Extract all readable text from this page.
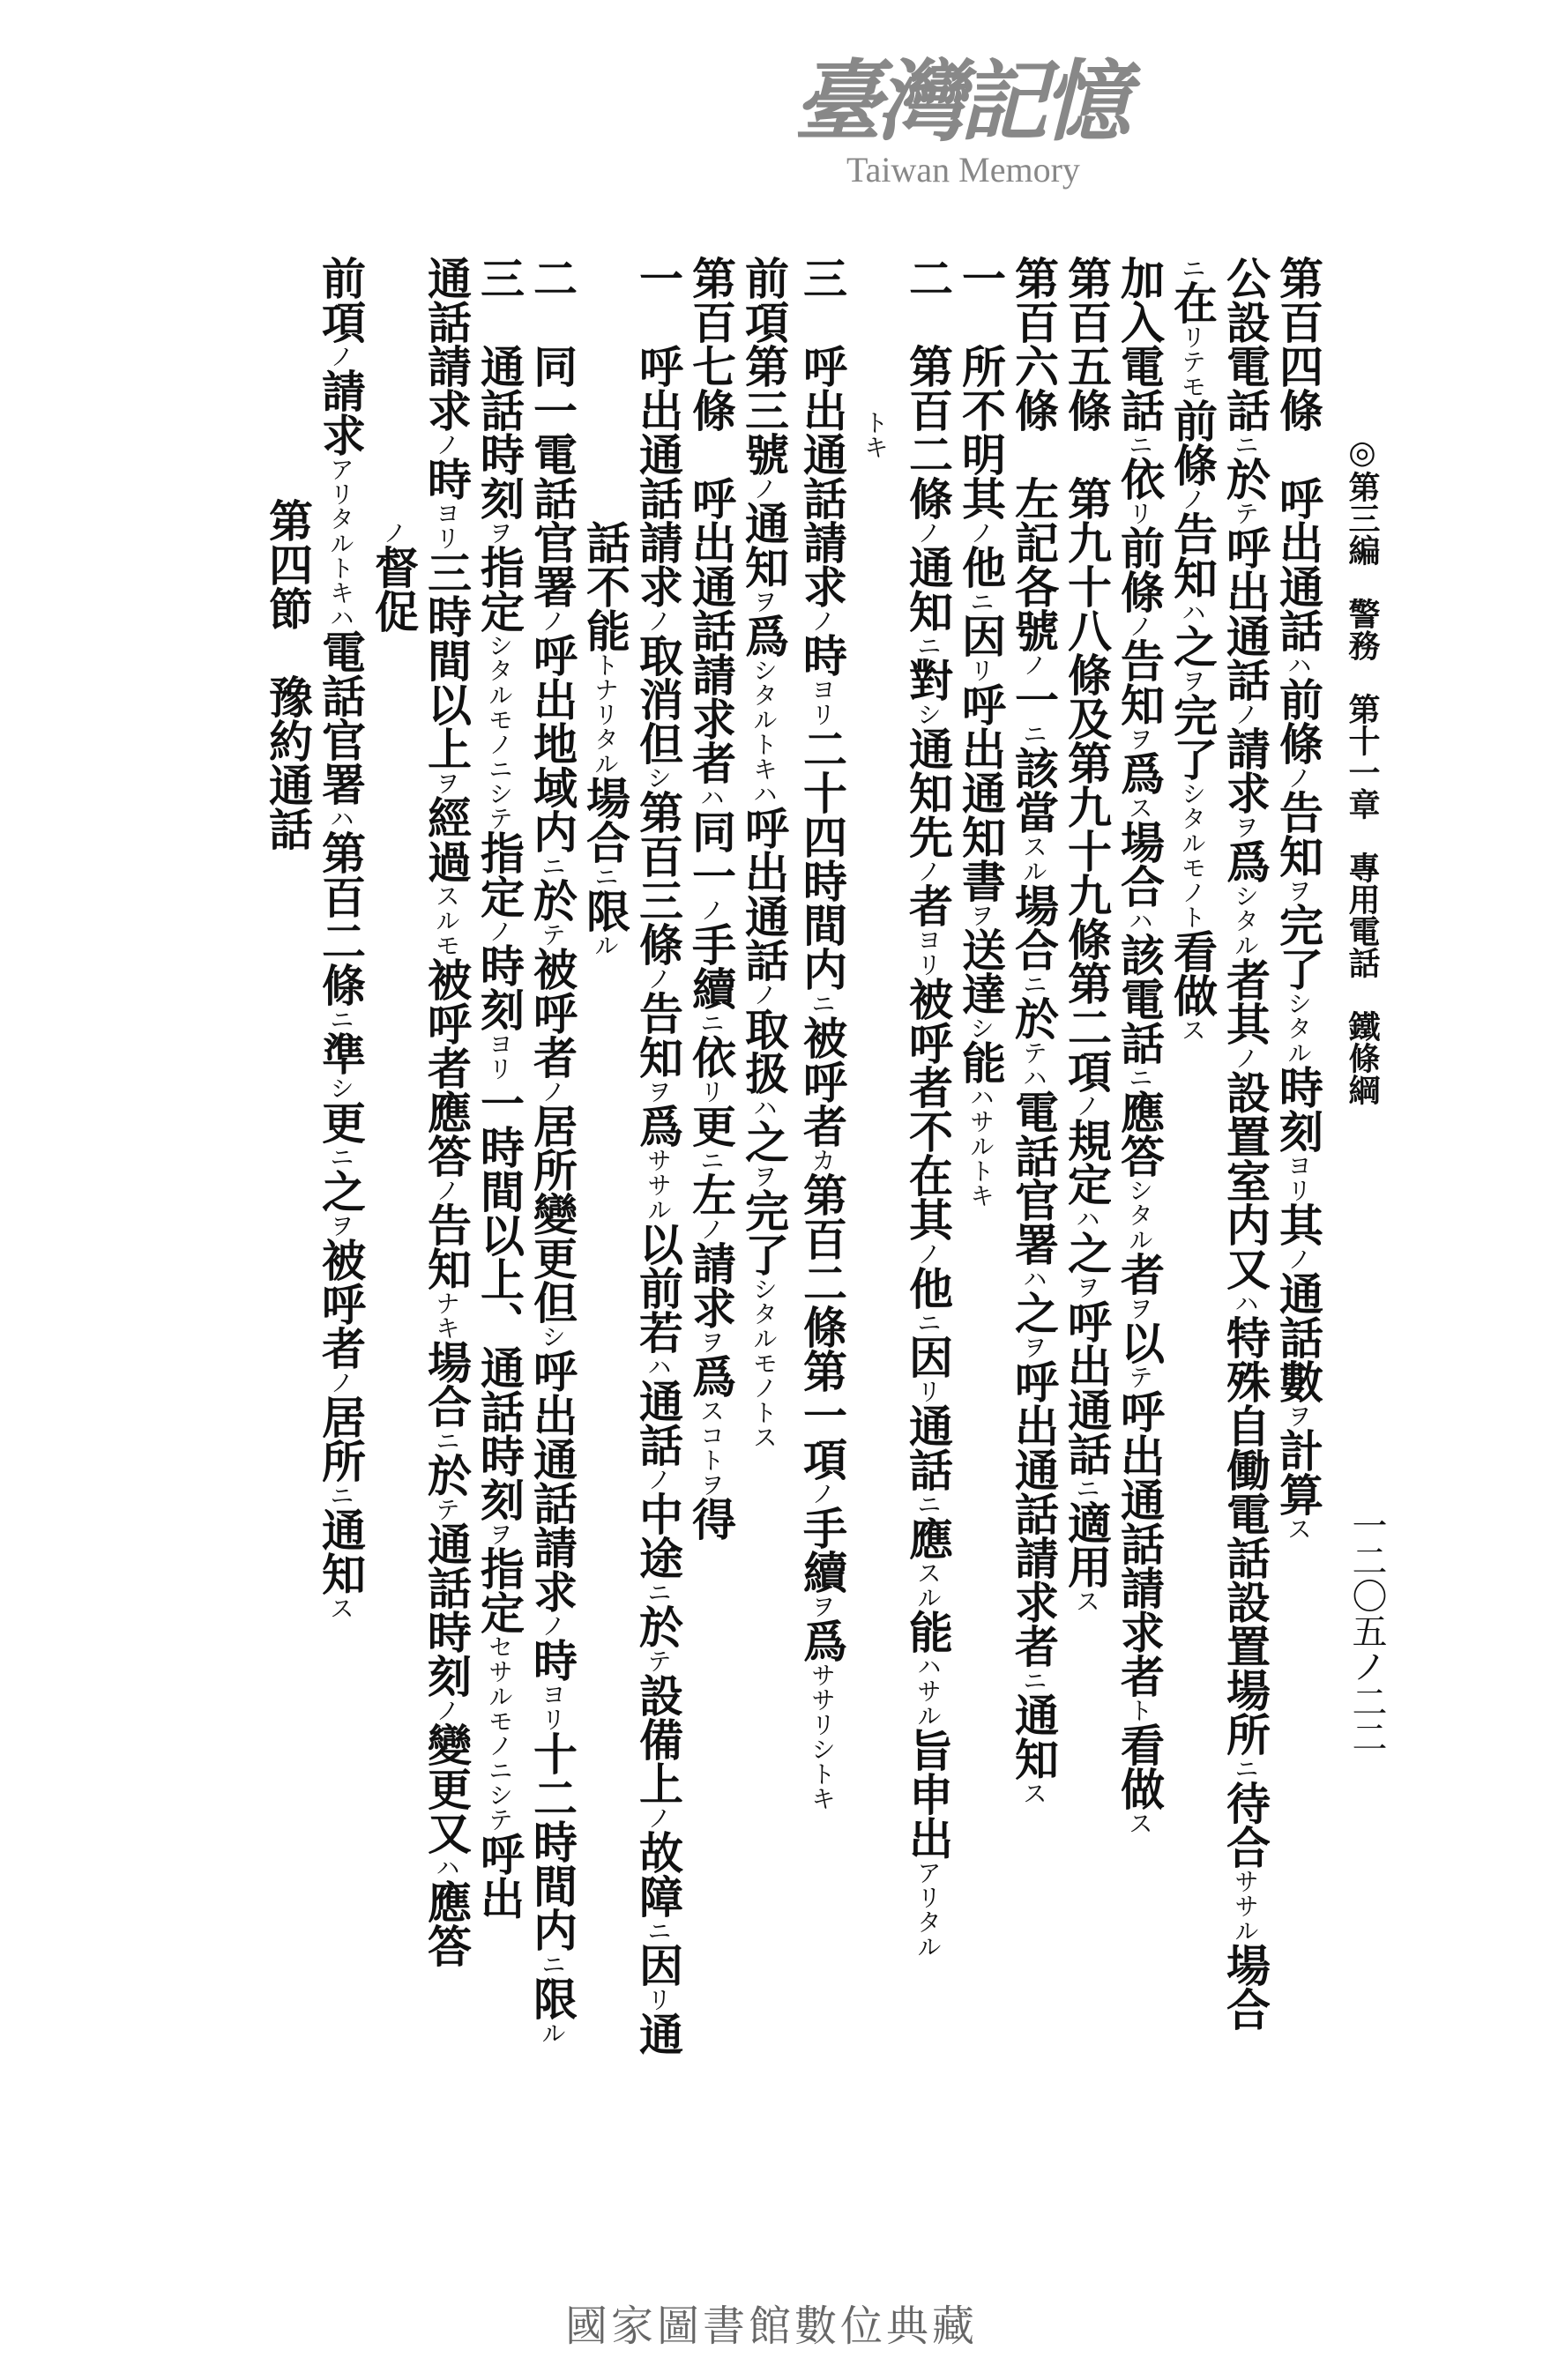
◎第三編　警務　第十一章　專用電話　鐵條綱
一二〇五ノ二二
第百四條　呼出通話ハ前條ノ告知ヲ完了シタル時刻ヨリ其ノ通話數ヲ計算ス
公設電話ニ於テ呼出通話ノ請求ヲ爲シタル者其ノ設置室内又ハ特殊自働電話設置場所ニ待合ササル場合
ニ在リテモ前條ノ告知ハ之ヲ完了シタルモノト看做ス
加入電話ニ依リ前條ノ告知ヲ爲ス場合ハ該電話ニ應答シタル者ヲ以テ呼出通話請求者ト看做ス
第百五條　第九十八條及第九十九條第二項ノ規定ハ之ヲ呼出通話ニ適用ス
第百六條　左記各號ノ一ニ該當スル場合ニ於テハ電話官署ハ之ヲ呼出通話請求者ニ通知ス
一　所不明其ノ他ニ因リ呼出通知書ヲ送達シ能ハサルトキ
二　第百二條ノ通知ニ對シ通知先ノ者ヨリ被呼者不在其ノ他ニ因リ通話ニ應スル能ハサル旨申出アリタル
トキ
三　呼出通話請求ノ時ヨリ二十四時間内ニ被呼者カ第百二條第一項ノ手續ヲ爲ササリシトキ
前項第三號ノ通知ヲ爲シタルトキハ呼出通話ノ取扱ハ之ヲ完了シタルモノトス
第百七條　呼出通話請求者ハ同一ノ手續ニ依リ更ニ左ノ請求ヲ爲スコトヲ得
一　呼出通話請求ノ取消但シ第百三條ノ告知ヲ爲ササル以前若ハ通話ノ中途ニ於テ設備上ノ故障ニ因リ通
話不能トナリタル場合ニ限ル
二　同一電話官署ノ呼出地域内ニ於テ被呼者ノ居所變更但シ呼出通話請求ノ時ヨリ十二時間内ニ限ル
三　通話時刻ヲ指定シタルモノニシテ指定ノ時刻ヨリ一時間以上、通話時刻ヲ指定セサルモノニシテ呼出
通話請求ノ時ヨリ三時間以上ヲ經過スルモ被呼者應答ノ告知ナキ場合ニ於テ通話時刻ノ變更又ハ應答
ノ督促
前項ノ請求アリタルトキハ電話官署ハ第百二條ニ準シ更ニ之ヲ被呼者ノ居所ニ通知ス
第四節　豫約通話
臺灣記憶
Taiwan Memory
國家圖書館數位典藏
